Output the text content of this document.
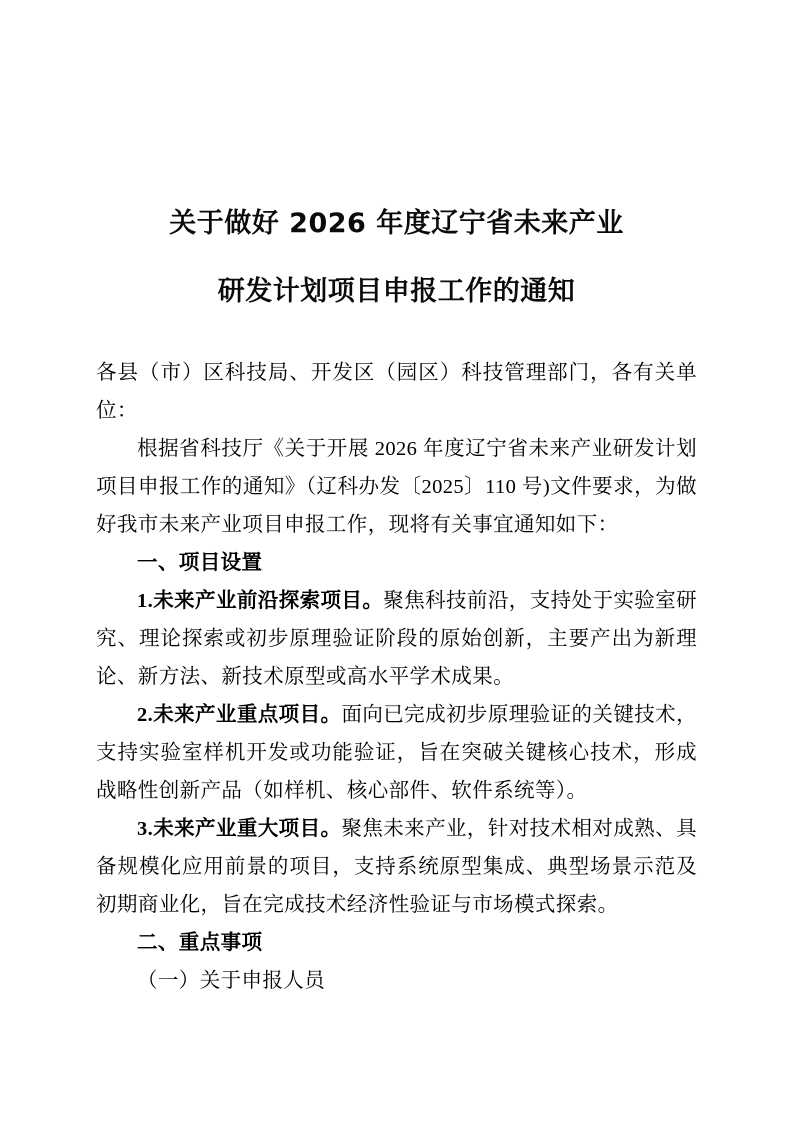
关于做好 2026 年度辽宁省未来产业
研发计划项目申报工作的通知

各县（市）区科技局、开发区（园区）科技管理部门，各有关单位：

根据省科技厅《关于开展 2026 年度辽宁省未来产业研发计划项目申报工作的通知》（辽科办发〔2025〕110 号)文件要求，为做好我市未来产业项目申报工作，现将有关事宜通知如下：

一、项目设置

1.未来产业前沿探索项目。聚焦科技前沿，支持处于实验室研究、理论探索或初步原理验证阶段的原始创新，主要产出为新理论、新方法、新技术原型或高水平学术成果。

2.未来产业重点项目。面向已完成初步原理验证的关键技术，支持实验室样机开发或功能验证，旨在突破关键核心技术，形成战略性创新产品（如样机、核心部件、软件系统等）。

3.未来产业重大项目。聚焦未来产业，针对技术相对成熟、具备规模化应用前景的项目，支持系统原型集成、典型场景示范及初期商业化，旨在完成技术经济性验证与市场模式探索。

二、重点事项

（一）关于申报人员
